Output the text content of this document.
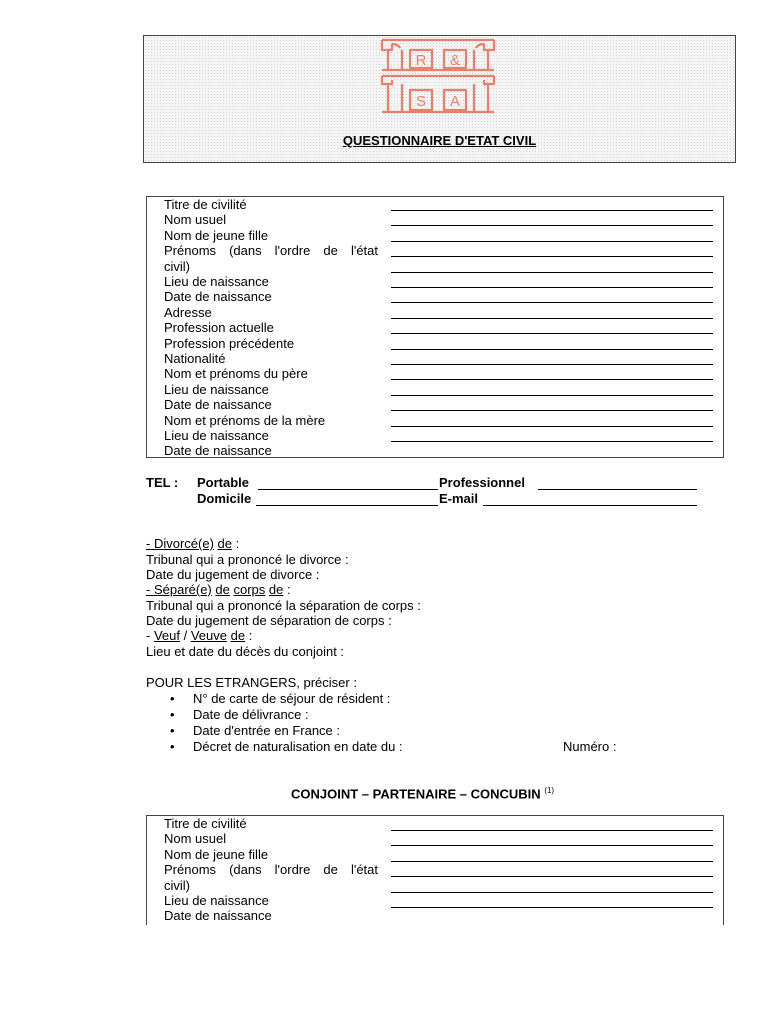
R &
S A
QUESTIONNAIRE D'ETAT CIVIL
Titre de civilité
Nom usuel
Nom de jeune fille
Prénoms (dans l'ordre de l'état
civil)
Lieu de naissance
Date de naissance
Adresse
Profession actuelle
Profession précédente
Nationalité
Nom et prénoms du père
Lieu de naissance
Date de naissance
Nom et prénoms de la mère
Lieu de naissance
Date de naissance
TEL : Portable	Professionnel
Domicile	E-mail
- Divorcé(e) de :
Tribunal qui a prononcé le divorce :
Date du jugement de divorce :
- Séparé(e) de corps de :
Tribunal qui a prononcé la séparation de corps :
Date du jugement de séparation de corps :
- Veuf / Veuve de :
Lieu et date du décès du conjoint :
POUR LES ETRANGERS, préciser :
• N° de carte de séjour de résident :
• Date de délivrance :
• Date d'entrée en France :
• Décret de naturalisation en date du :	Numéro :
CONJOINT – PARTENAIRE – CONCUBIN $^{(1)}$
Titre de civilité
Nom usuel
Nom de jeune fille
Prénoms (dans l'ordre de l'état
civil)
Lieu de naissance
Date de naissance
